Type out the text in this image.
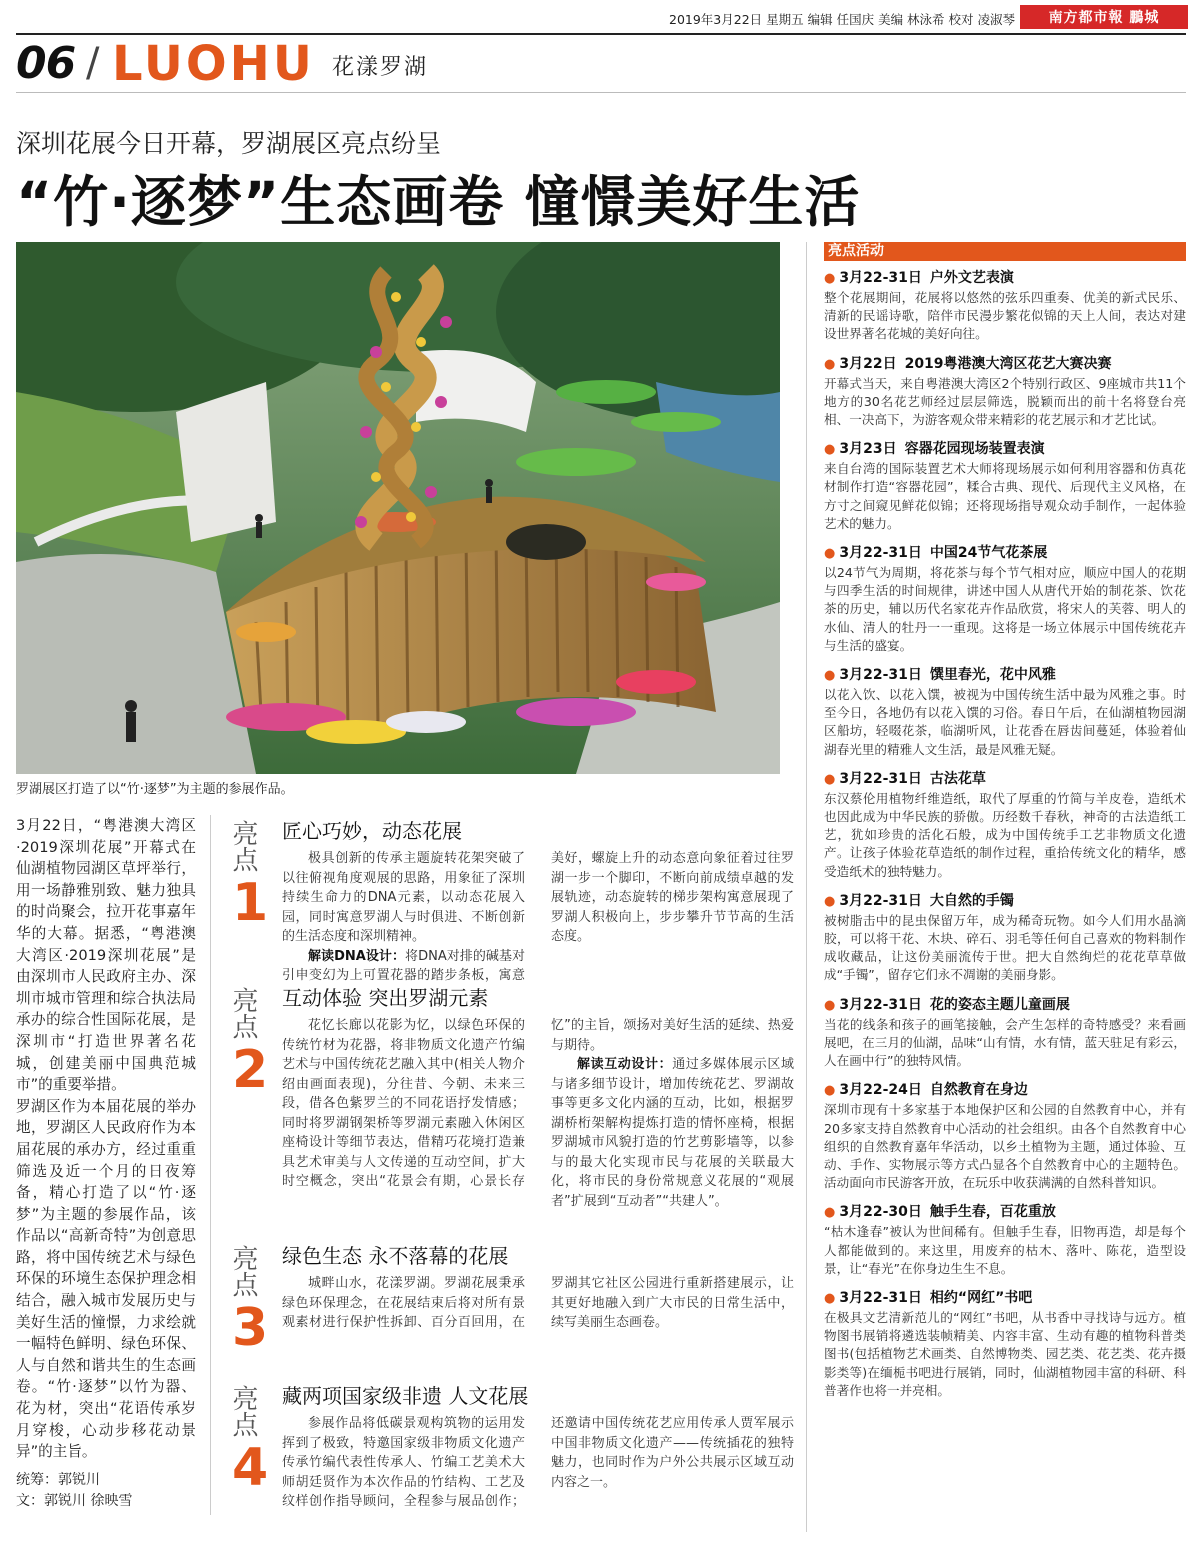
2019年3月22日 星期五 编辑 任国庆 美编 林泳希 校对 凌淑琴	南方都市報 鵬城
06 / LUOHU 花漾罗湖
深圳花展今日开幕，罗湖展区亮点纷呈
“竹·逐梦”生态画卷 憧憬美好生活
罗湖展区打造了以“竹·逐梦”为主题的参展作品。

3月22日，“粤港澳大湾区·2019深圳花展”开幕式在仙湖植物园湖区草坪举行，用一场静雅别致、魅力独具的时尚聚会，拉开花事嘉年华的大幕。据悉，“粤港澳大湾区·2019深圳花展”是由深圳市人民政府主办、深圳市城市管理和综合执法局承办的综合性国际花展，是深圳市“打造世界著名花城，创建美丽中国典范城市”的重要举措。

罗湖区作为本届花展的举办地，罗湖区人民政府作为本届花展的承办方，经过重重筛选及近一个月的日夜筹备，精心打造了以“竹·逐梦”为主题的参展作品，该作品以“高新奇特”为创意思路，将中国传统艺术与绿色环保的环境生态保护理念相结合，融入城市发展历史与美好生活的憧憬，力求绘就一幅特色鲜明、绿色环保、人与自然和谐共生的生态画卷。“竹·逐梦”以竹为器、花为材，突出“花语传承岁月穿梭，心动步移花动景异”的主旨。

统筹：郭锐川
文：郭锐川 徐映雪
亮点
1
匠心巧妙，动态花展

极具创新的传承主题旋转花架突破了以往俯视角度观展的思路，用象征了深圳持续生命力的DNA元素，以动态花展入园，同时寓意罗湖人与时俱进、不断创新的生活态度和深圳精神。

解读DNA设计：将DNA对排的碱基对引申变幻为上可置花器的踏步条板，寓意美好，螺旋上升的动态意向象征着过往罗湖一步一个脚印，不断向前成绩卓越的发展轨迹，动态旋转的梯步架构寓意展现了罗湖人积极向上，步步攀升节节高的生活态度。

亮点
2
互动体验 突出罗湖元素

花忆长廊以花影为忆，以绿色环保的传统竹材为花器，将非物质文化遗产竹编艺术与中国传统花艺融入其中(相关人物介绍由画面表现)，分往昔、今朝、未来三段，借各色紫罗兰的不同花语抒发情感；同时将罗湖钢架桥等罗湖元素融入休闲区座椅设计等细节表达，借精巧花境打造兼具艺术审美与人文传递的互动空间，扩大时空概念，突出“花景会有期，心景长存忆”的主旨，颂扬对美好生活的延续、热爱与期待。

解读互动设计：通过多媒体展示区域与诸多细节设计，增加传统花艺、罗湖故事等更多文化内涵的互动，比如，根据罗湖桥桁架解构提炼打造的情怀座椅，根据罗湖城市风貌打造的竹艺剪影墙等，以参与的最大化实现市民与花展的关联最大化，将市民的身份常规意义花展的“观展者”扩展到“互动者”“共建人”。

亮点
3
绿色生态 永不落幕的花展

城畔山水，花漾罗湖。罗湖花展秉承绿色环保理念，在花展结束后将对所有景观素材进行保护性拆卸、百分百回用，在罗湖其它社区公园进行重新搭建展示，让其更好地融入到广大市民的日常生活中，续写美丽生态画卷。

亮点
4
藏两项国家级非遗 人文花展

参展作品将低碳景观构筑物的运用发挥到了极致，特邀国家级非物质文化遗产传承竹编代表性传承人、竹编工艺美术大师胡廷贤作为本次作品的竹结构、工艺及纹样创作指导顾问，全程参与展品创作；还邀请中国传统花艺应用传承人贾军展示中国非物质文化遗产——传统插花的独特魅力，也同时作为户外公共展示区域互动内容之一。

亮点活动
● 3月22-31日 户外文艺表演
整个花展期间，花展将以悠然的弦乐四重奏、优美的新式民乐、清新的民谣诗歌，陪伴市民漫步繁花似锦的天上人间，表达对建设世界著名花城的美好向往。
● 3月22日 2019粤港澳大湾区花艺大赛决赛
开幕式当天，来自粤港澳大湾区2个特别行政区、9座城市共11个地方的30名花艺师经过层层筛选，脱颖而出的前十名将登台亮相、一决高下，为游客观众带来精彩的花艺展示和才艺比试。
● 3月23日 容器花园现场装置表演
来自台湾的国际装置艺术大师将现场展示如何利用容器和仿真花材制作打造“容器花园”，糅合古典、现代、后现代主义风格，在方寸之间窥见鲜花似锦；还将现场指导观众动手制作，一起体验艺术的魅力。
● 3月22-31日 中国24节气花茶展
以24节气为周期，将花茶与每个节气相对应，顺应中国人的花期与四季生活的时间规律，讲述中国人从唐代开始的制花茶、饮花茶的历史，辅以历代名家花卉作品欣赏，将宋人的芙蓉、明人的水仙、清人的牡丹一一重现。这将是一场立体展示中国传统花卉与生活的盛宴。
● 3月22-31日 馔里春光，花中风雅
以花入饮、以花入馔，被视为中国传统生活中最为风雅之事。时至今日，各地仍有以花入馔的习俗。春日午后，在仙湖植物园湖区船坊，轻啜花茶，临湖听风，让花香在唇齿间蔓延，体验着仙湖春光里的精雅人文生活，最是风雅无疑。
● 3月22-31日 古法花草
东汉蔡伦用植物纤维造纸，取代了厚重的竹简与羊皮卷，造纸术也因此成为中华民族的骄傲。历经数千春秋，神奇的古法造纸工艺，犹如珍贵的活化石般，成为中国传统手工艺非物质文化遗产。让孩子体验花草造纸的制作过程，重拾传统文化的精华，感受造纸术的独特魅力。
● 3月22-31日 大自然的手镯
被树脂击中的昆虫保留万年，成为稀奇玩物。如今人们用水晶滴胶，可以将干花、木块、碎石、羽毛等任何自己喜欢的物料制作成收藏品，让这份美丽流传于世。把大自然绚烂的花花草草做成“手镯”，留存它们永不凋谢的美丽身影。
● 3月22-31日 花的姿态主题儿童画展
当花的线条和孩子的画笔接触，会产生怎样的奇特感受？来看画展吧，在三月的仙湖，品味“山有情，水有情，蓝天驻足有彩云，人在画中行”的独特风情。
● 3月22-24日 自然教育在身边
深圳市现有十多家基于本地保护区和公园的自然教育中心，并有20多家支持自然教育中心活动的社会组织。由各个自然教育中心组织的自然教育嘉年华活动，以乡土植物为主题，通过体验、互动、手作、实物展示等方式凸显各个自然教育中心的主题特色。活动面向市民游客开放，在玩乐中收获满满的自然科普知识。
● 3月22-30日 触手生春，百花重放
“枯木逢春”被认为世间稀有。但触手生春，旧物再造，却是每个人都能做到的。来这里，用废弃的枯木、落叶、陈花，造型设景，让“春光”在你身边生生不息。
● 3月22-31日 相约“网红”书吧
在极具文艺清新范儿的“网红”书吧，从书香中寻找诗与远方。植物图书展销将遴选装帧精美、内容丰富、生动有趣的植物科普类图书(包括植物艺术画类、自然博物类、园艺类、花艺类、花卉摄影类等)在缅栀书吧进行展销，同时，仙湖植物园丰富的科研、科普著作也将一并亮相。
